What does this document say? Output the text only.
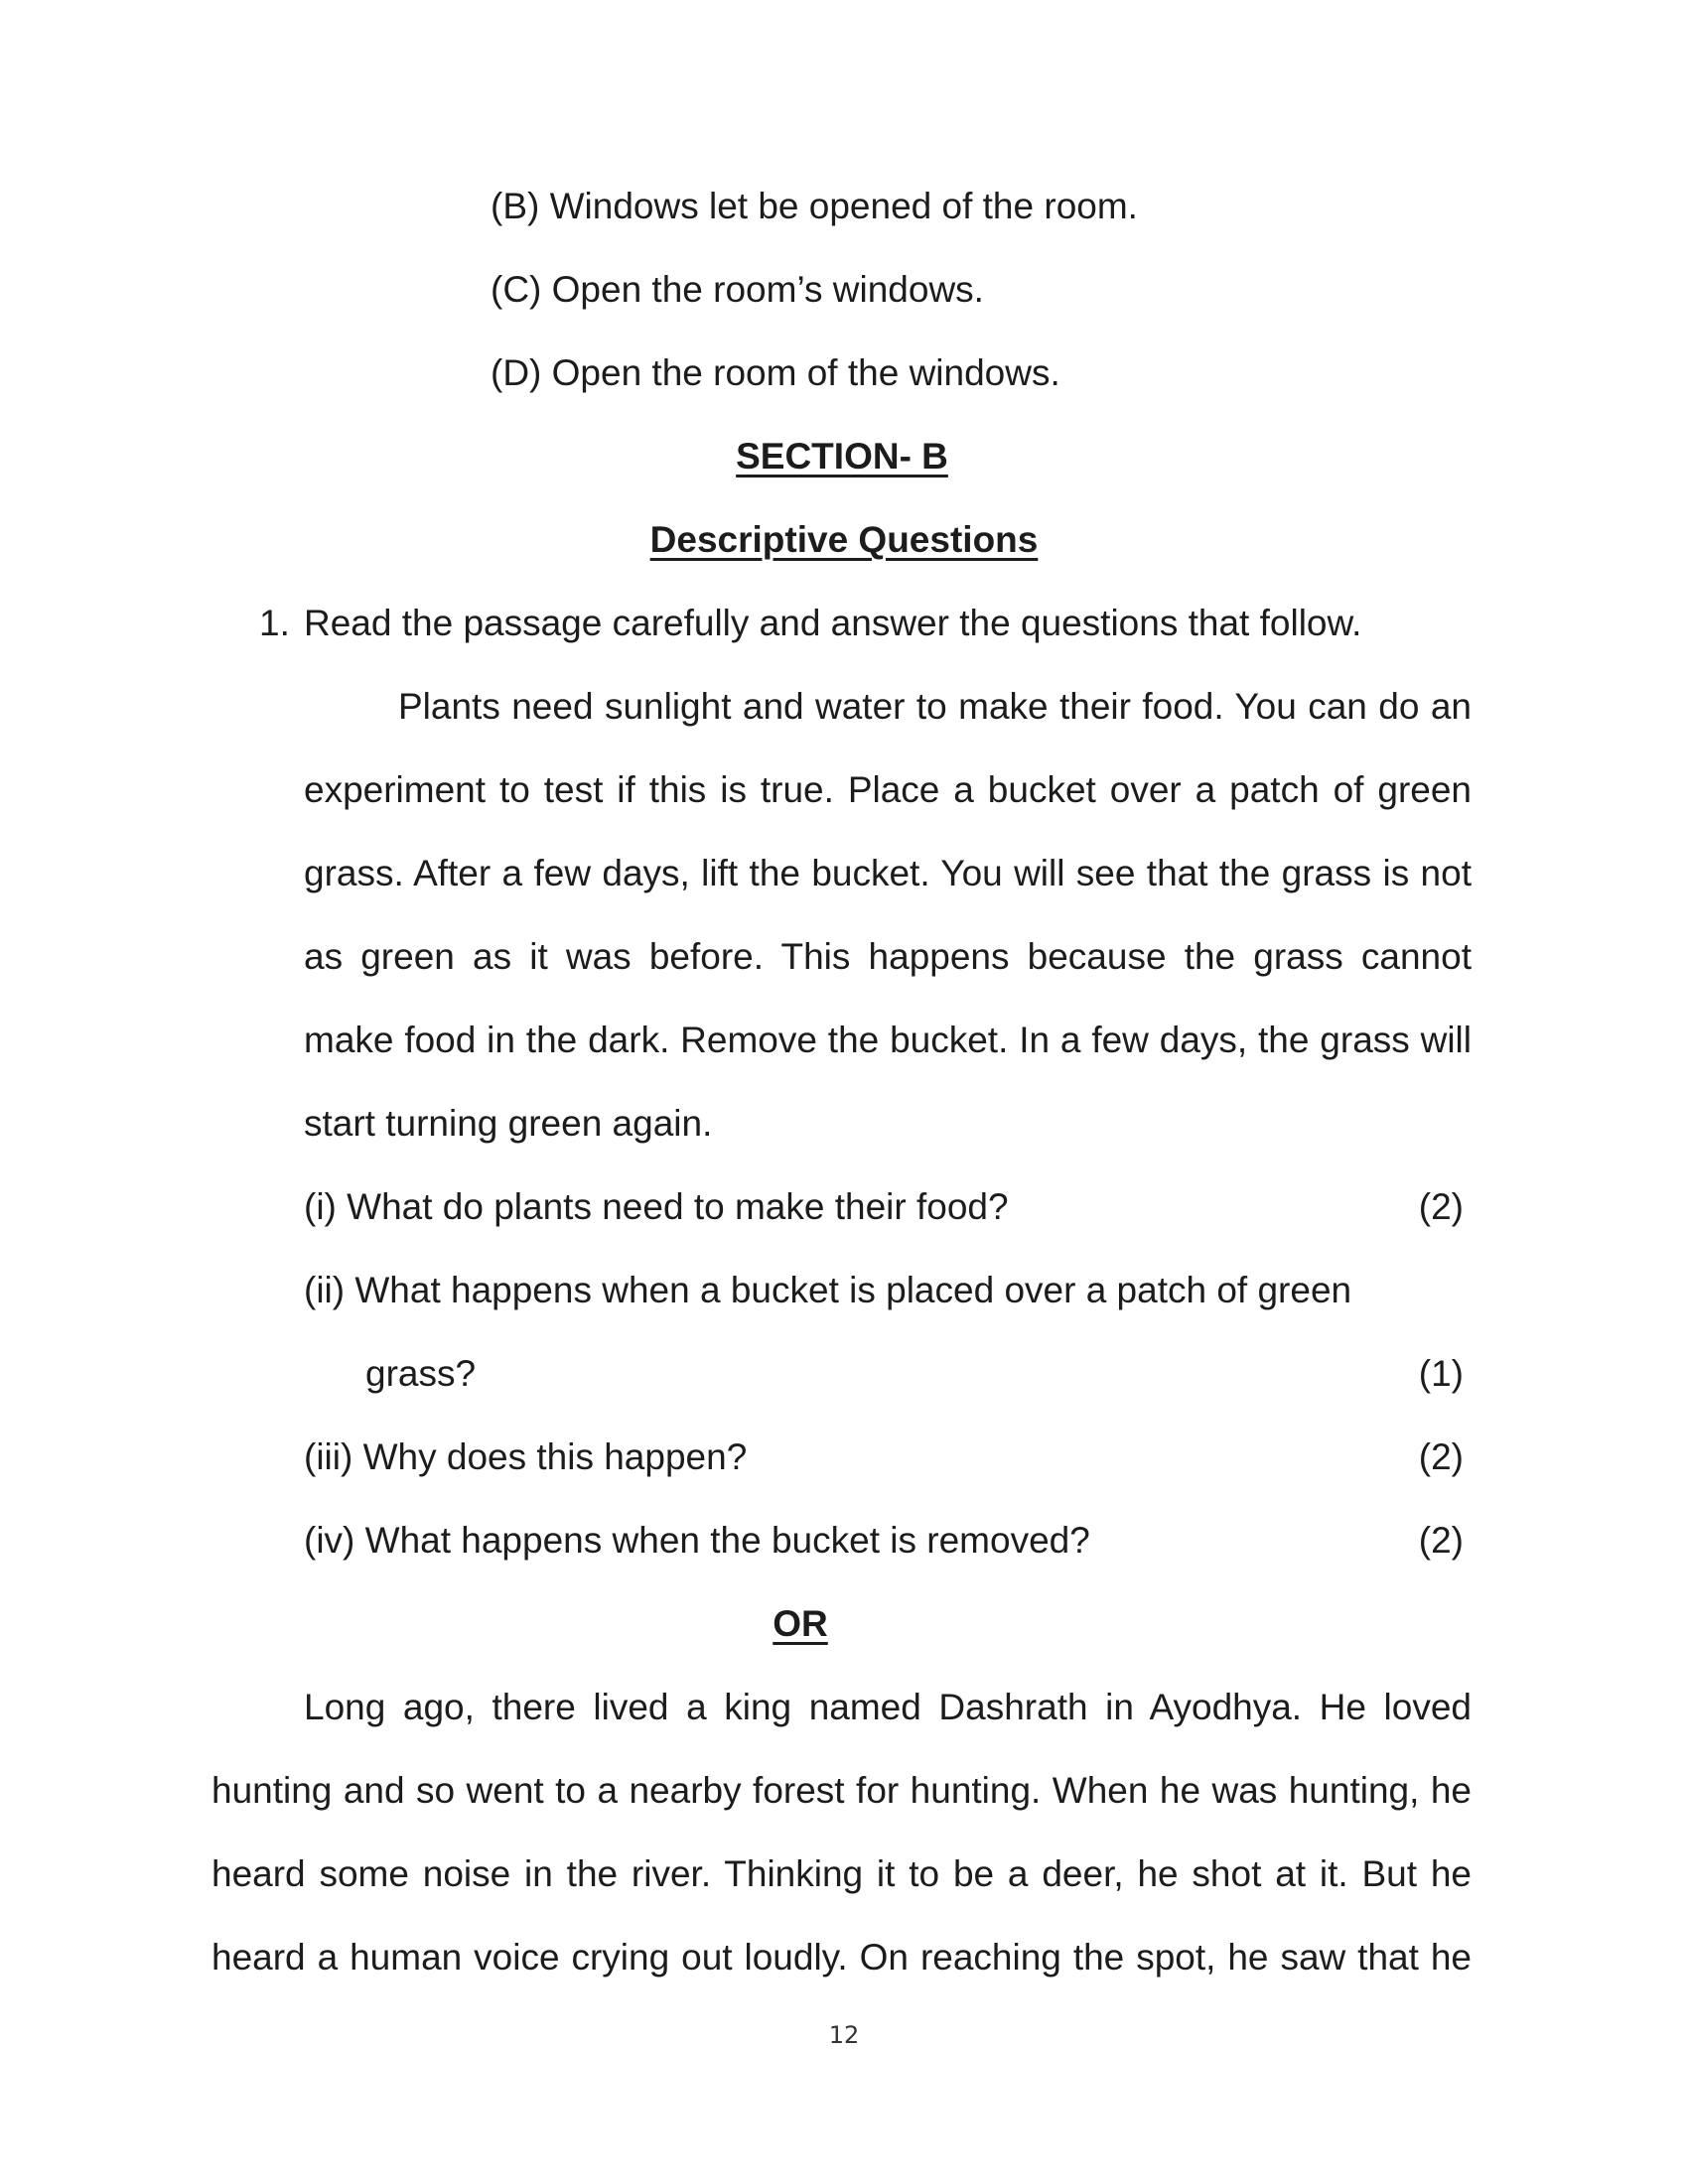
(B) Windows let be opened of the room.
(C) Open the room’s windows.
(D) Open the room of the windows.
SECTION- B
Descriptive Questions
1. Read the passage carefully and answer the questions that follow.
Plants need sunlight and water to make their food. You can do an
experiment to test if this is true. Place a bucket over a patch of green
grass. After a few days, lift the bucket. You will see that the grass is not
as green as it was before. This happens because the grass cannot
make food in the dark. Remove the bucket. In a few days, the grass will
start turning green again.
(i) What do plants need to make their food?	(2)
(ii) What happens when a bucket is placed over a patch of green
grass?	(1)
(iii) Why does this happen?	(2)
(iv) What happens when the bucket is removed?	(2)
OR
Long ago, there lived a king named Dashrath in Ayodhya. He loved
hunting and so went to a nearby forest for hunting. When he was hunting, he
heard some noise in the river. Thinking it to be a deer, he shot at it. But he
heard a human voice crying out loudly. On reaching the spot, he saw that he
12
